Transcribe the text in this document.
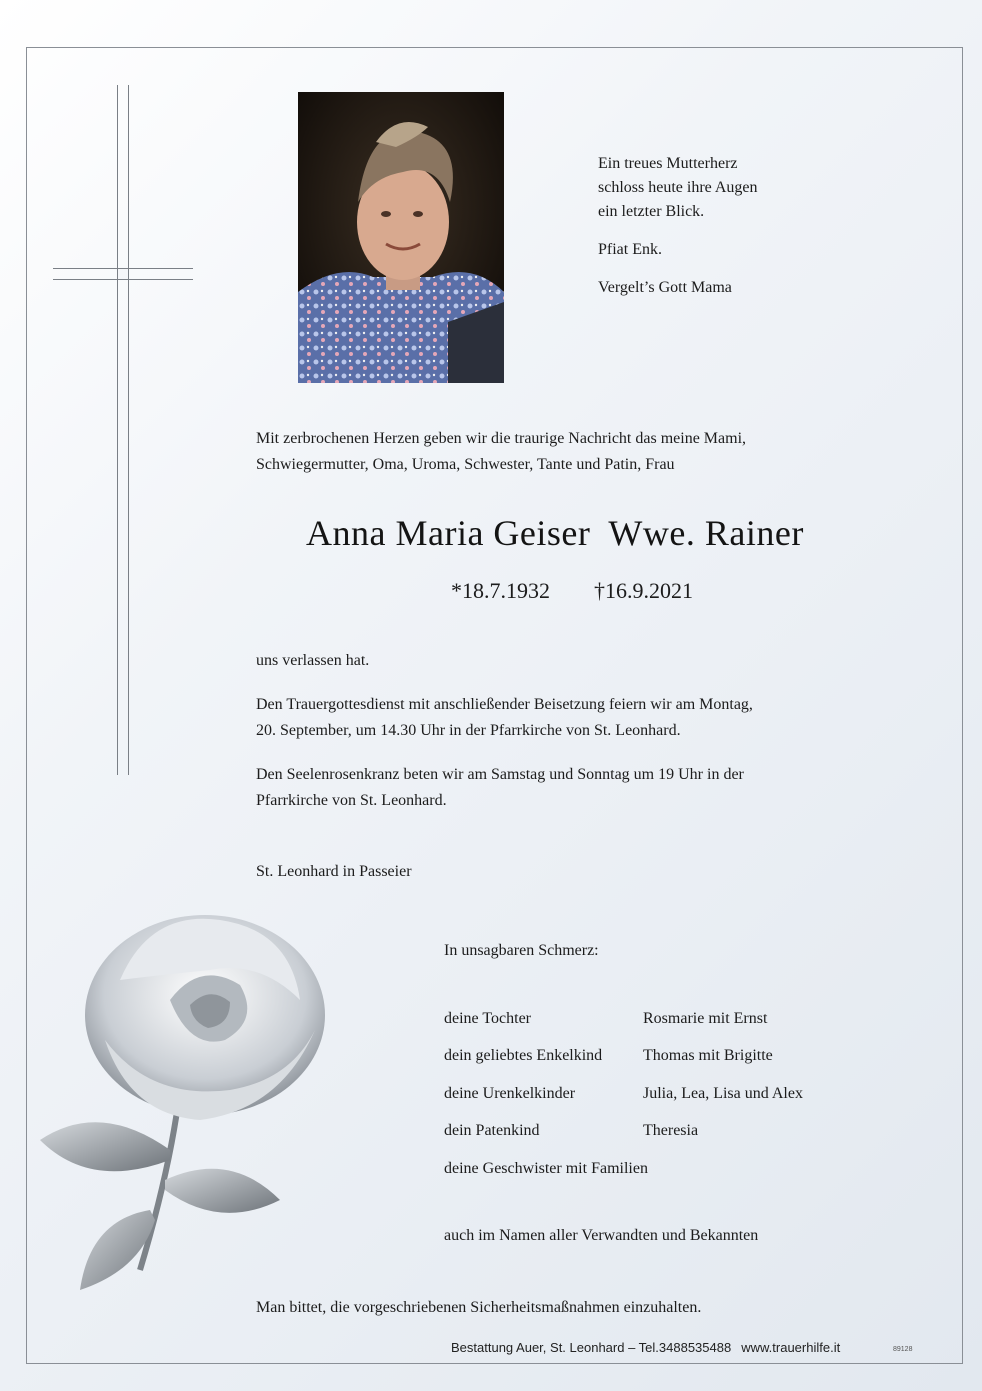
Ein treues Mutterherz

schloss heute ihre Augen

ein letzter Blick.

Pfiat Enk.

Vergelt’s Gott Mama

Mit zerbrochenen Herzen geben wir die traurige Nachricht das meine Mami,

Schwiegermutter, Oma, Uroma, Schwester, Tante und Patin, Frau

Anna Maria Geiser Wwe. Rainer
*18.7.1932 †16.9.2021

uns verlassen hat.

Den Trauergottesdienst mit anschließender Beisetzung feiern wir am Montag,

20. September, um 14.30 Uhr in der Pfarrkirche von St. Leonhard.

Den Seelenrosenkranz beten wir am Samstag und Sonntag um 19 Uhr in der

Pfarrkirche von St. Leonhard.

St. Leonhard in Passeier
In unsagbaren Schmerz:
deine Tochter	Rosmarie mit Ernst
dein geliebtes Enkelkind	Thomas mit Brigitte
deine Urenkelkinder	Julia, Lea, Lisa und Alex
dein Patenkind	Theresia
deine Geschwister mit Familien
auch im Namen aller Verwandten und Bekannten
Man bittet, die vorgeschriebenen Sicherheitsmaßnahmen einzuhalten.
Bestattung Auer, St. Leonhard – Tel.3488535488 www.trauerhilfe.it	89128
